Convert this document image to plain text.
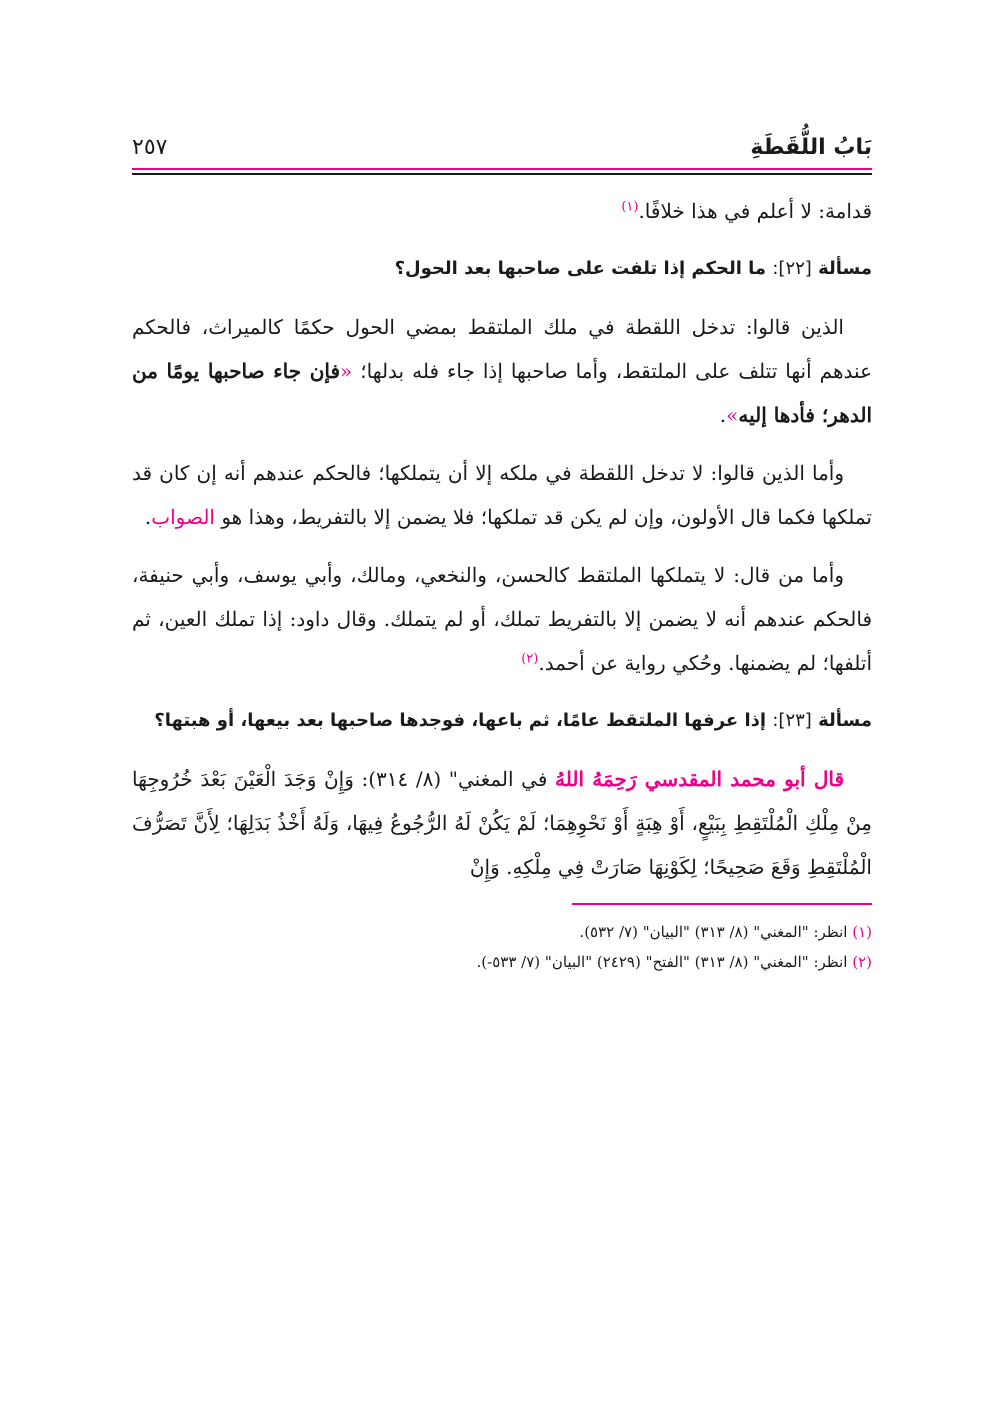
بَابُ اللُّقَطَةِ
٢٥٧

قدامة: لا أعلم في هذا خلافًا.$^{(١)}$

مسألة [٢٢]: ما الحكم إذا تلفت على صاحبها بعد الحول؟

الذين قالوا: تدخل اللقطة في ملك الملتقط بمضي الحول حكمًا كالميراث، فالحكم عندهم أنها تتلف على الملتقط، وأما صاحبها إذا جاء فله بدلها؛ «فإن جاء صاحبها يومًا من الدهر؛ فأدها إليه».

وأما الذين قالوا: لا تدخل اللقطة في ملكه إلا أن يتملكها؛ فالحكم عندهم أنه إن كان قد تملكها فكما قال الأولون، وإن لم يكن قد تملكها؛ فلا يضمن إلا بالتفريط، وهذا هو الصواب.

وأما من قال: لا يتملكها الملتقط كالحسن، والنخعي، ومالك، وأبي يوسف، وأبي حنيفة، فالحكم عندهم أنه لا يضمن إلا بالتفريط تملك، أو لم يتملك. وقال داود: إذا تملك العين، ثم أتلفها؛ لم يضمنها. وحُكي رواية عن أحمد.$^{(٢)}$

مسألة [٢٣]: إذا عرفها الملتقط عامًا، ثم باعها، فوجدها صاحبها بعد بيعها، أو هبتها؟

قال أبو محمد المقدسي رَحِمَهُ اللهُ في المغني" (٨/ ٣١٤): وَإِنْ وَجَدَ الْعَيْنَ بَعْدَ خُرُوجِهَا مِنْ مِلْكِ الْمُلْتَقِطِ بِبَيْعٍ، أَوْ هِبَةٍ أَوْ نَحْوِهِمَا؛ لَمْ يَكُنْ لَهُ الرُّجُوعُ فِيهَا، وَلَهُ أَخْذُ بَدَلِهَا؛ لِأَنَّ تَصَرُّفَ الْمُلْتَقِطِ وَقَعَ صَحِيحًا؛ لِكَوْنِهَا صَارَتْ فِي مِلْكِهِ. وَإِنْ

(١) انظر: "المغني" (٨/ ٣١٣) "البيان" (٧/ ٥٣٢).
(٢) انظر: "المغني" (٨/ ٣١٣) "الفتح" (٢٤٢٩) "البيان" (٧/ ٥٣٣-).
